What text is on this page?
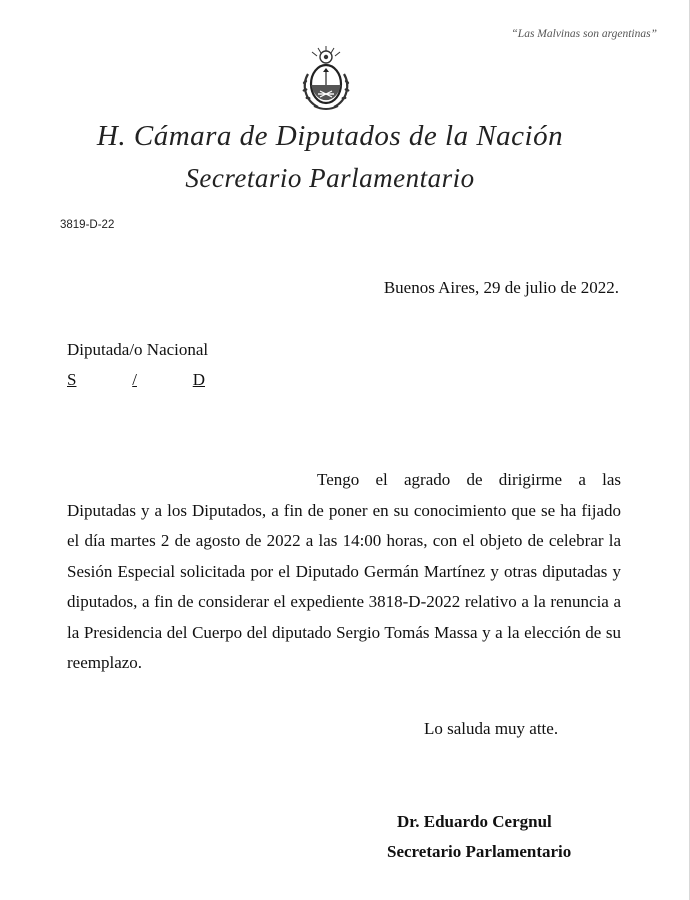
“Las Malvinas son argentinas”
H. Cámara de Diputados de la Nación
Secretario Parlamentario
3819-D-22
Buenos Aires, 29 de julio de 2022.
Diputada/o Nacional
S	/	D

Tengo el agrado de dirigirme a las Diputadas y a los Diputados, a fin de poner en su conocimiento que se ha fijado el día martes 2 de agosto de 2022 a las 14:00 horas, con el objeto de celebrar la Sesión Especial solicitada por el Diputado Germán Martínez y otras diputadas y diputados, a fin de considerar el expediente 3818-D-2022 relativo a la renuncia a la Presidencia del Cuerpo del diputado Sergio Tomás Massa y a la elección de su reemplazo.

Lo saluda muy atte.
Dr. Eduardo Cergnul
Secretario Parlamentario
